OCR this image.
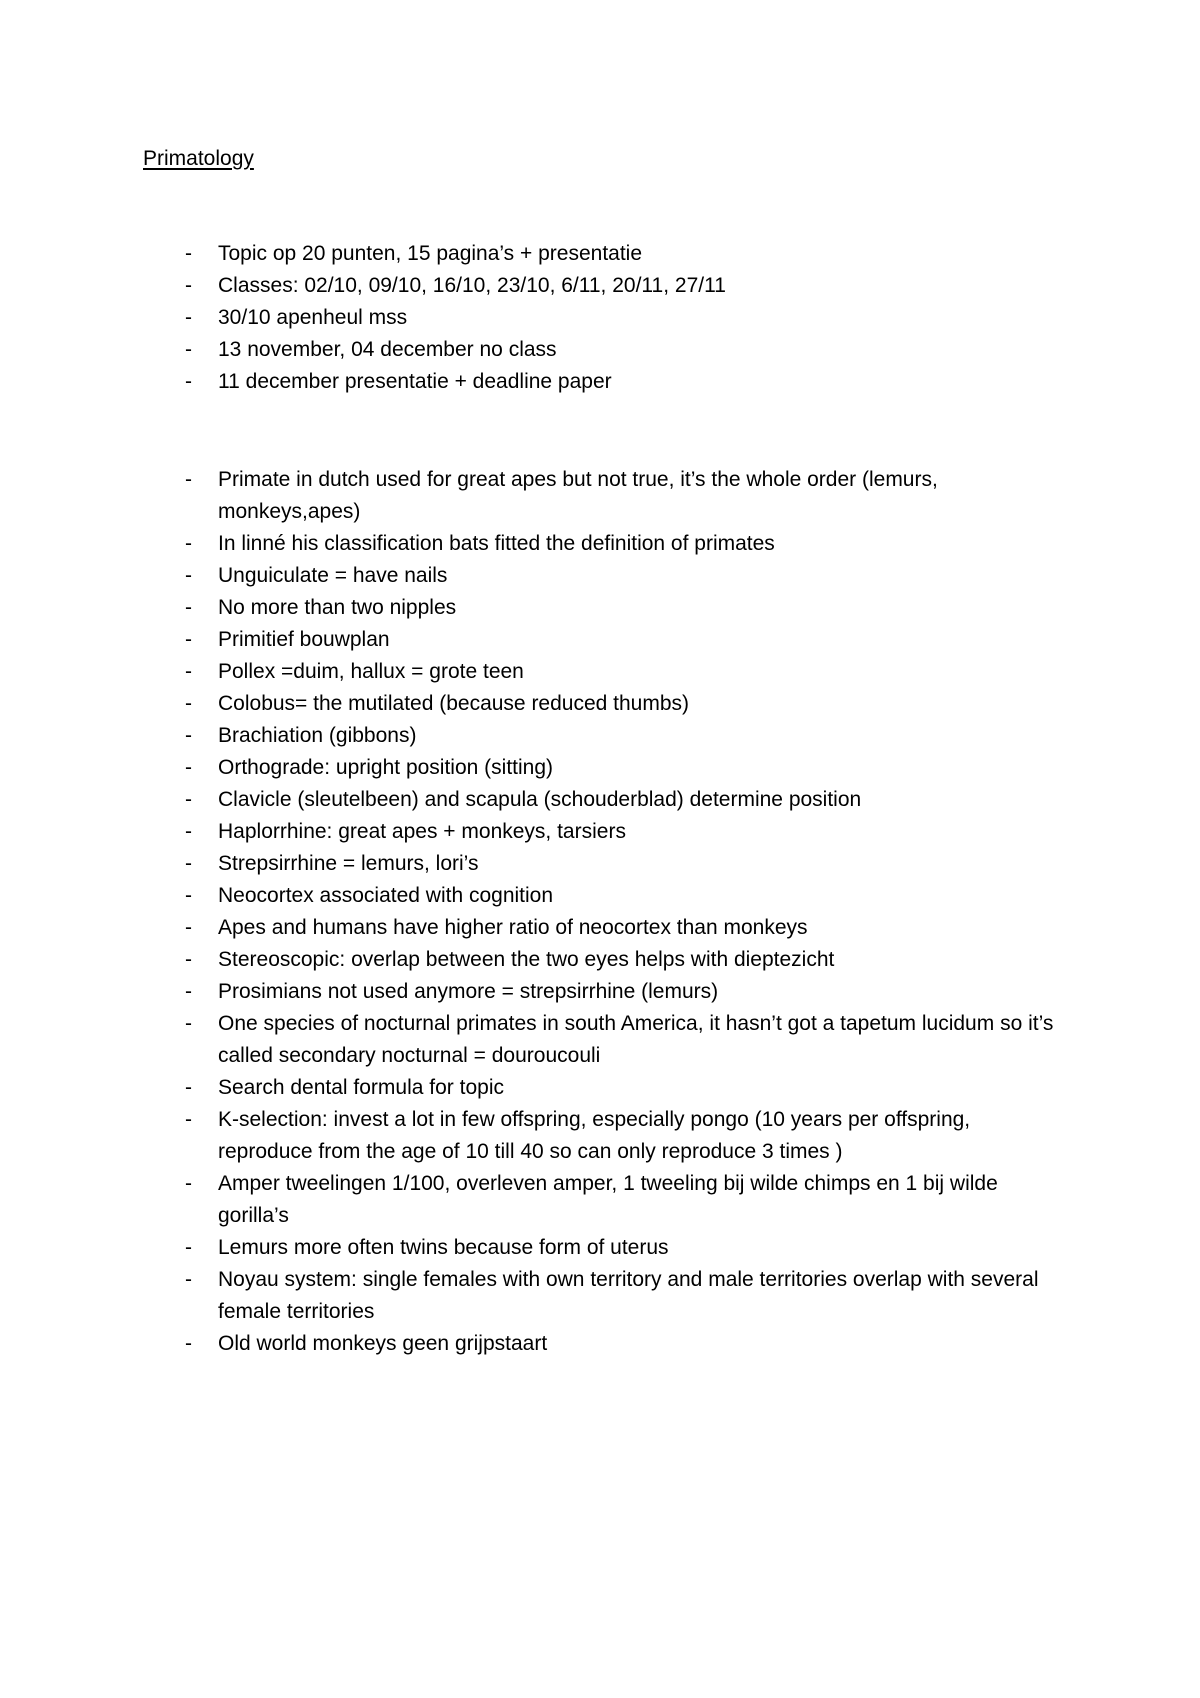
Primatology
- Topic op 20 punten, 15 pagina’s + presentatie
- Classes: 02/10, 09/10, 16/10, 23/10, 6/11, 20/11, 27/11
- 30/10 apenheul mss
- 13 november, 04 december no class
- 11 december presentatie + deadline paper
- Primate in dutch used for great apes but not true, it’s the whole order (lemurs, monkeys,apes)
- In linné his classification bats fitted the definition of primates
- Unguiculate = have nails
- No more than two nipples
- Primitief bouwplan
- Pollex =duim, hallux = grote teen
- Colobus= the mutilated (because reduced thumbs)
- Brachiation (gibbons)
- Orthograde: upright position (sitting)
- Clavicle (sleutelbeen) and scapula (schouderblad) determine position
- Haplorrhine: great apes + monkeys, tarsiers
- Strepsirrhine = lemurs, lori’s
- Neocortex associated with cognition
- Apes and humans have higher ratio of neocortex than monkeys
- Stereoscopic: overlap between the two eyes helps with dieptezicht
- Prosimians not used anymore = strepsirrhine (lemurs)
- One species of nocturnal primates in south America, it hasn’t got a tapetum lucidum so it’s called secondary nocturnal = douroucouli
- Search dental formula for topic
- K-selection: invest a lot in few offspring, especially pongo (10 years per offspring, reproduce from the age of 10 till 40 so can only reproduce 3 times )
- Amper tweelingen 1/100, overleven amper, 1 tweeling bij wilde chimps en 1 bij wilde gorilla’s
- Lemurs more often twins because form of uterus
- Noyau system: single females with own territory and male territories overlap with several female territories
- Old world monkeys geen grijpstaart
